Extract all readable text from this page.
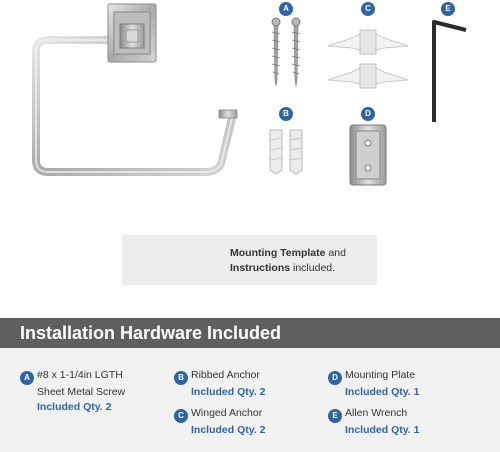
A
B
C
D
E
Mounting Template and Instructions included.
Installation Hardware Included
A #8 x 1-1/4in LGTH
Sheet Metal Screw
Included Qty. 2
B Ribbed Anchor
Included Qty. 2
C Winged Anchor
Included Qty. 2
D Mounting Plate
Included Qty. 1
E Allen Wrench
Included Qty. 1
